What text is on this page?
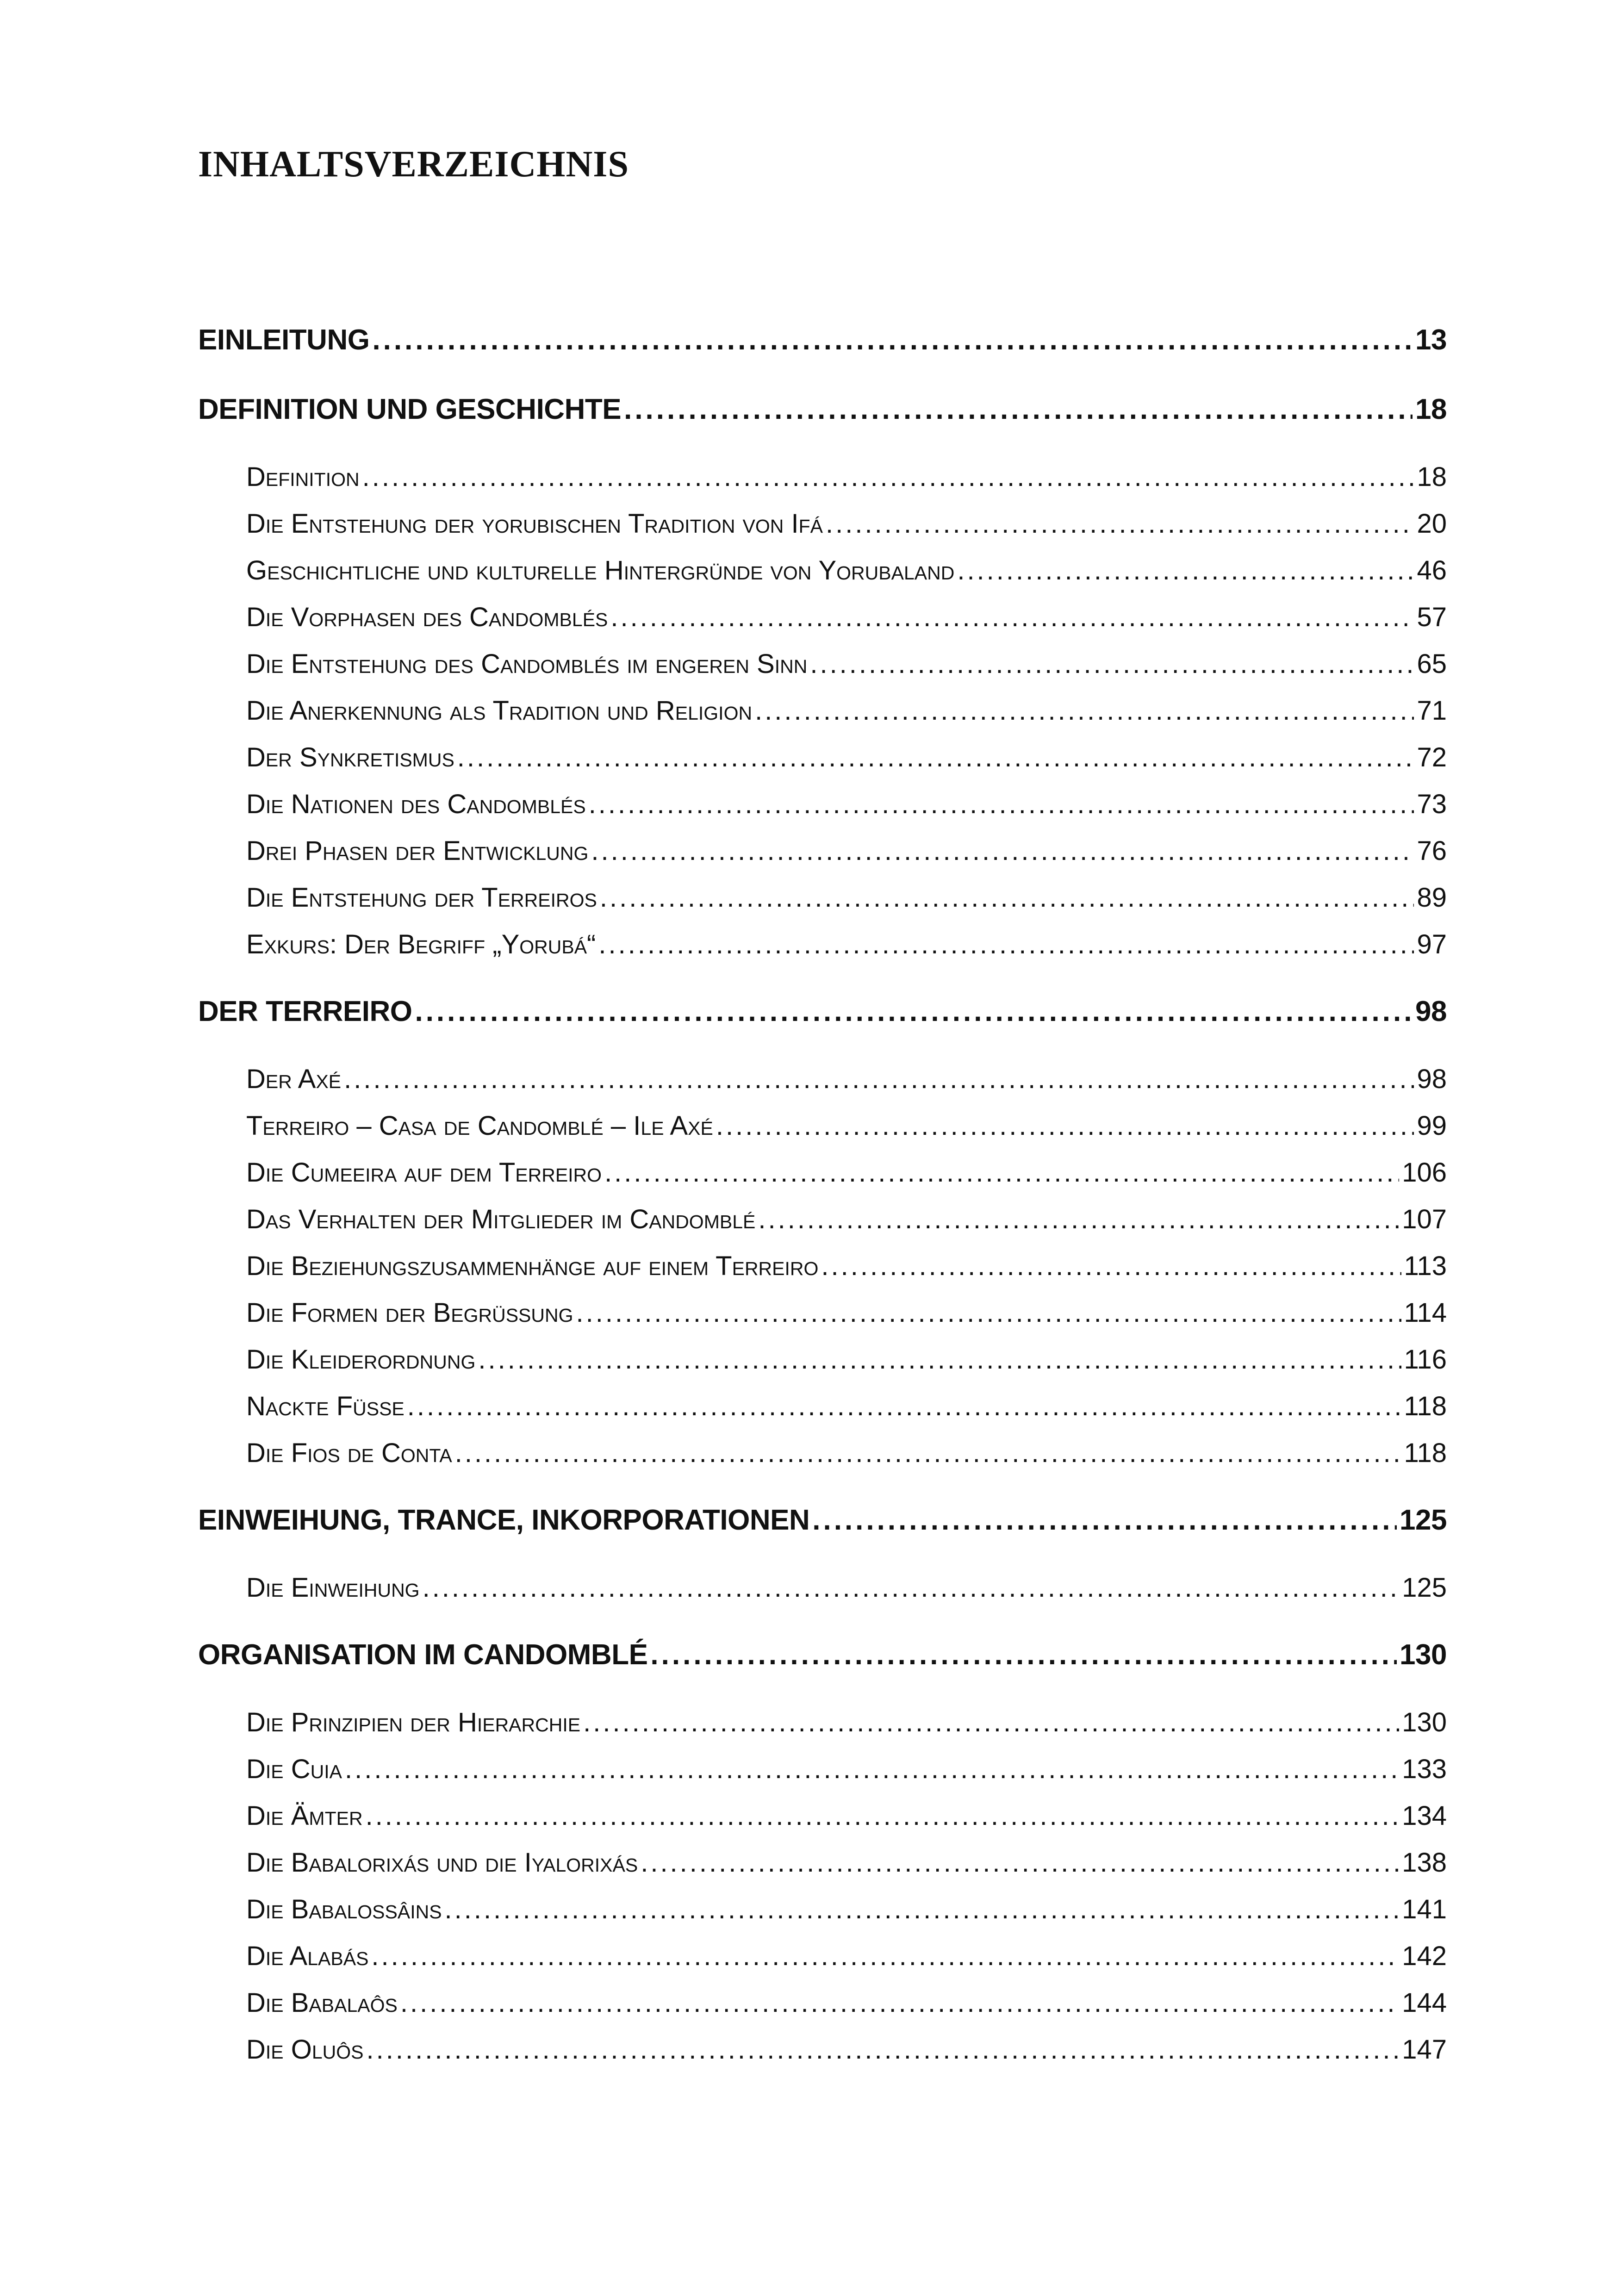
INHALTSVERZEICHNIS
EINLEITUNG .....	13
DEFINITION UND GESCHICHTE .....	18
Definition .....	18
Die Entstehung der yorubischen Tradition von Ifá .....	20
Geschichtliche und kulturelle Hintergründe von Yorubaland .....	46
Die Vorphasen des Candomblés .....	57
Die Entstehung des Candomblés im engeren Sinn .....	65
Die Anerkennung als Tradition und Religion .....	71
Der Synkretismus .....	72
Die Nationen des Candomblés .....	73
Drei Phasen der Entwicklung .....	76
Die Entstehung der Terreiros .....	89
Exkurs: Der Begriff „Yorubá“ .....	97
DER TERREIRO .....	98
Der Axé .....	98
Terreiro – Casa de Candomblé – Ile Axé .....	99
Die Cumeeira auf dem Terreiro .....	106
Das Verhalten der Mitglieder im Candomblé .....	107
Die Beziehungszusammenhänge auf einem Terreiro .....	113
Die Formen der Begrüßung .....	114
Die Kleiderordnung .....	116
Nackte Füße .....	118
Die Fios de Conta .....	118
EINWEIHUNG, TRANCE, INKORPORATIONEN .....	125
Die Einweihung .....	125
ORGANISATION IM CANDOMBLÉ .....	130
Die Prinzipien der Hierarchie .....	130
Die Cuia .....	133
Die Ämter .....	134
Die Babalorixás und die Iyalorixás .....	138
Die Babalossâins .....	141
Die Alabás .....	142
Die Babalaôs .....	144
Die Oluôs .....	147
